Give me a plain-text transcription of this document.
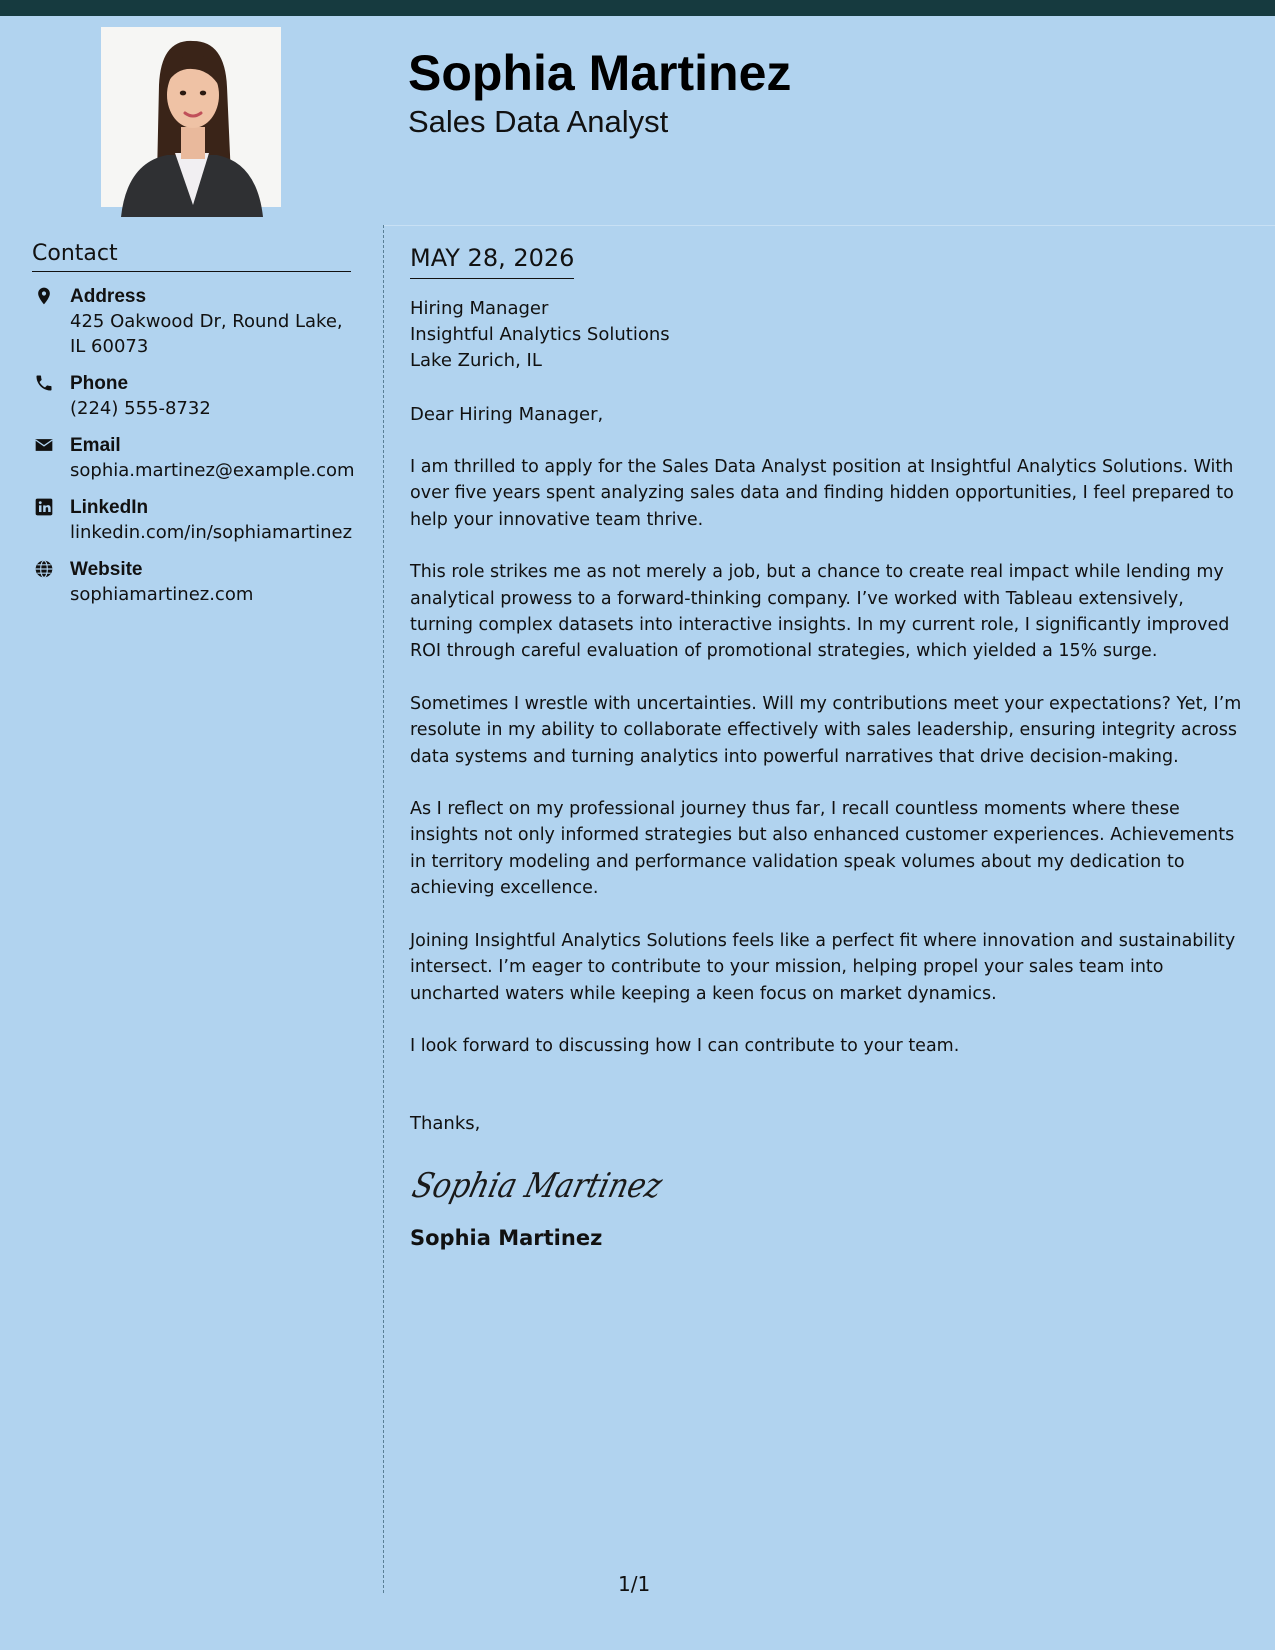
Sophia Martinez
Sales Data Analyst
Contact
Address
425 Oakwood Dr, Round Lake, IL 60073
Phone
(224) 555-8732
Email
sophia.martinez@example.com
LinkedIn
linkedin.com/in/sophiamartinez
Website
sophiamartinez.com
MAY 28, 2026
Hiring Manager
Insightful Analytics Solutions
Lake Zurich, IL
Dear Hiring Manager,

I am thrilled to apply for the Sales Data Analyst position at Insightful Analytics Solutions. With over five years spent analyzing sales data and finding hidden opportunities, I feel prepared to help your innovative team thrive.

This role strikes me as not merely a job, but a chance to create real impact while lending my analytical prowess to a forward-thinking company. I’ve worked with Tableau extensively, turning complex datasets into interactive insights. In my current role, I significantly improved ROI through careful evaluation of promotional strategies, which yielded a 15% surge.

Sometimes I wrestle with uncertainties. Will my contributions meet your expectations? Yet, I’m resolute in my ability to collaborate effectively with sales leadership, ensuring integrity across data systems and turning analytics into powerful narratives that drive decision-making.

As I reflect on my professional journey thus far, I recall countless moments where these insights not only informed strategies but also enhanced customer experiences. Achievements in territory modeling and performance validation speak volumes about my dedication to achieving excellence.

Joining Insightful Analytics Solutions feels like a perfect fit where innovation and sustainability intersect. I’m eager to contribute to your mission, helping propel your sales team into uncharted waters while keeping a keen focus on market dynamics.

I look forward to discussing how I can contribute to your team.

Thanks,
Sophia Martinez
Sophia Martinez
1/1
